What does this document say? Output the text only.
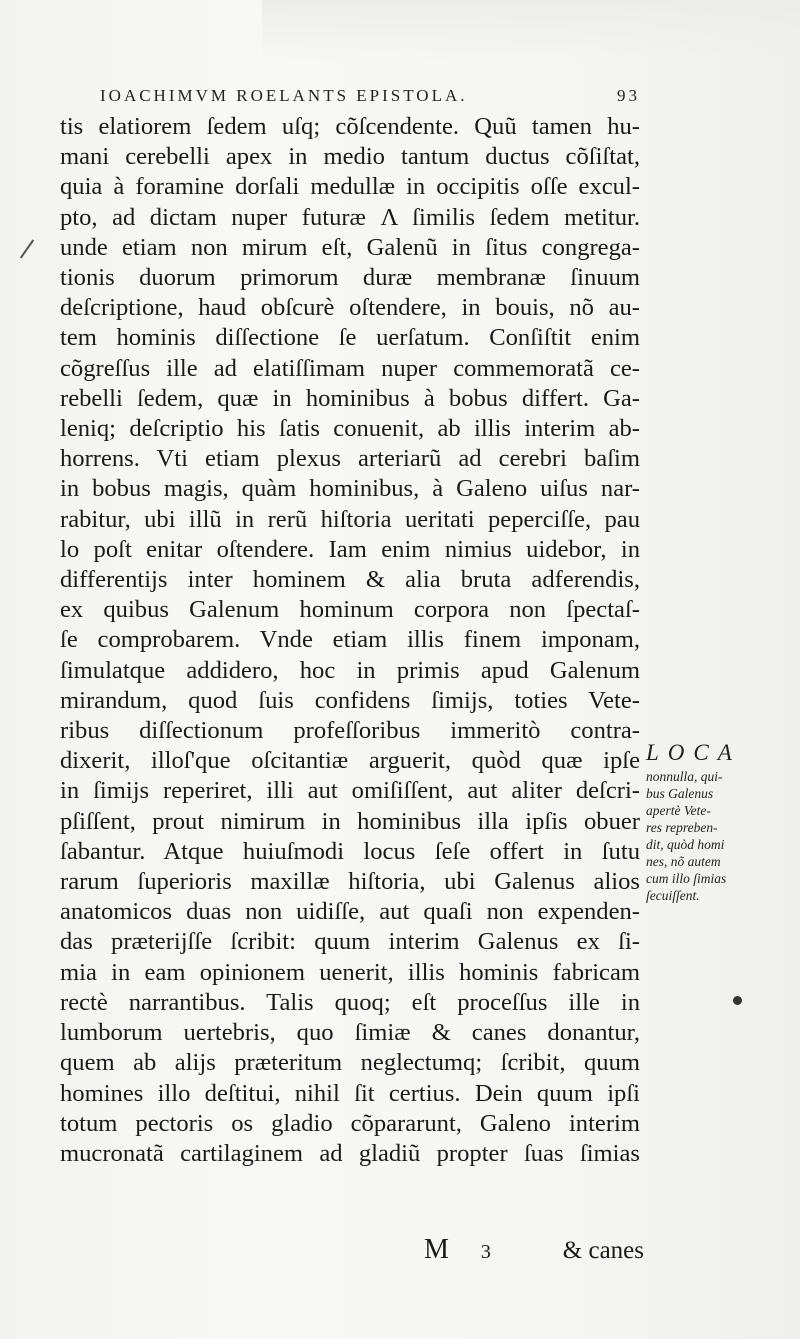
IOACHIMVM ROELANTS EPISTOLA.	93
tis elatiorem ſedem uſq; cõſcendente. Quũ tamen hu-
mani cerebelli apex in medio tantum ductus cõſiſtat,
quia à foramine dorſali medullæ in occipitis oſſe excul-
pto, ad dictam nuper futuræ Λ ſimilis ſedem metitur.
unde etiam non mirum eſt, Galenũ in ſitus congrega-
tionis duorum primorum duræ membranæ ſinuum
deſcriptione, haud obſcurè oſtendere, in bouis, nõ au-
tem hominis diſſectione ſe uerſatum. Conſiſtit enim
cõgreſſus ille ad elatiſſimam nuper commemoratã ce-
rebelli ſedem, quæ in hominibus à bobus differt. Ga-
leniq; deſcriptio his ſatis conuenit, ab illis interim ab-
horrens. Vti etiam plexus arteriarũ ad cerebri baſim
in bobus magis, quàm hominibus, à Galeno uiſus nar-
rabitur, ubi illũ in rerũ hiſtoria ueritati peperciſſe, pau
lo poſt enitar oſtendere. Iam enim nimius uidebor, in
differentijs inter hominem & alia bruta adferendis,
ex quibus Galenum hominum corpora non ſpectaſ-
ſe comprobarem. Vnde etiam illis finem imponam,
ſimulatque addidero, hoc in primis apud Galenum
mirandum, quod ſuis confidens ſimijs, toties Vete-
ribus diſſectionum profeſſoribus immeritò contra-
dixerit, illoſ'que oſcitantiæ arguerit, quòd quæ ipſe
in ſimijs reperiret, illi aut omiſiſſent, aut aliter deſcri-
pſiſſent, prout nimirum in hominibus illa ipſis obuer
ſabantur. Atque huiuſmodi locus ſeſe offert in ſutu
rarum ſuperioris maxillæ hiſtoria, ubi Galenus alios
anatomicos duas non uidiſſe, aut quaſi non expenden-
das præterijſſe ſcribit: quum interim Galenus ex ſi-
mia in eam opinionem uenerit, illis hominis fabricam
rectè narrantibus. Talis quoq; eſt proceſſus ille in
lumborum uertebris, quo ſimiæ & canes donantur,
quem ab alijs præteritum neglectumq; ſcribit, quum
homines illo deſtitui, nihil ſit certius. Dein quum ipſi
totum pectoris os gladio cõpararunt, Galeno interim
mucronatã cartilaginem ad gladiũ propter ſuas ſimias
LOCA
nonnulla, qui-
bus Galenus
apertè Vete-
res repreben-
dit, quòd homi
nes, nõ autem
cum illo ſimias
ſecuiſſent.
M 3	& canes
